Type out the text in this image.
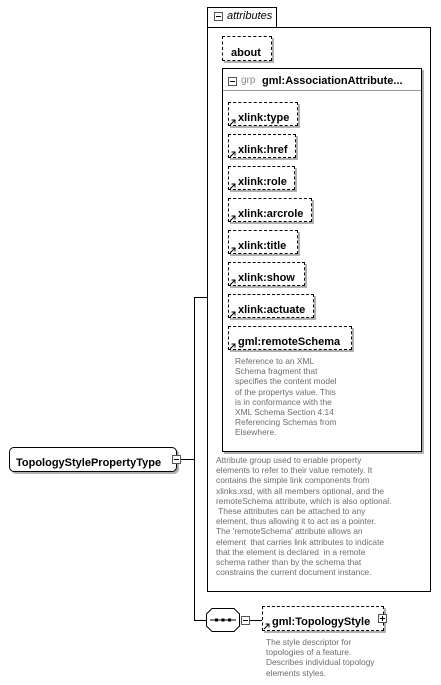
TopologyStylePropertyType
attributes
about
grp gml:AssociationAttribute...
xlink:type
xlink:href
xlink:role
xlink:arcrole
xlink:title
xlink:show
xlink:actuate
gml:remoteSchema
Reference to an XML
Schema fragment that
specifies the content model
of the propertys value. This
is in conformance with the
XML Schema Section 4.14
Referencing Schemas from
Elsewhere.
Attribute group used to enable property
elements to refer to their value remotely. It
contains the simple link components from
xlinks.xsd, with all members optional, and the
remoteSchema attribute, which is also optional.
These attributes can be attached to any
element, thus allowing it to act as a pointer.
The 'remoteSchema' attribute allows an
element  that carries link attributes to indicate
that the element is declared  in a remote
schema rather than by the schema that
constrains the current document instance.
gml:TopologyStyle
The style descriptor for
topologies of a feature.
Describes individual topology
elements styles.
